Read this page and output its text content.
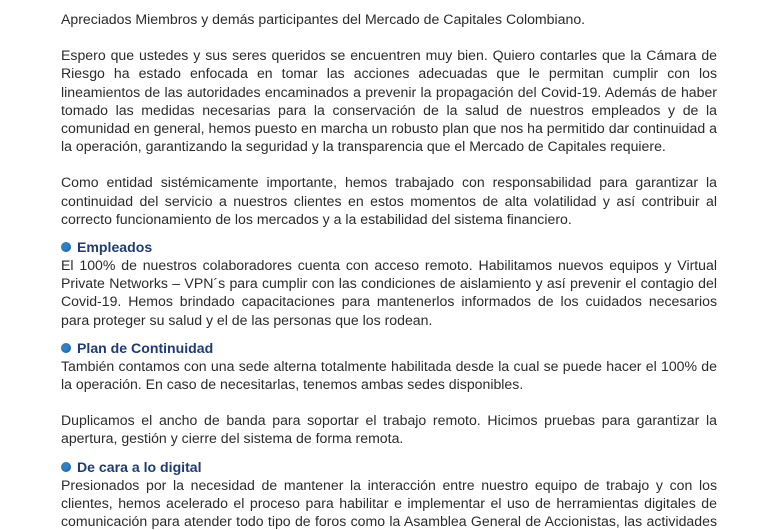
Apreciados Miembros y demás participantes del Mercado de Capitales Colombiano.

Espero que ustedes y sus seres queridos se encuentren muy bien. Quiero contarles que la Cámara de Riesgo ha estado enfocada en tomar las acciones adecuadas que le permitan cumplir con los lineamientos de las autoridades encaminados a prevenir la propagación del Covid-19. Además de haber tomado las medidas necesarias para la conservación de la salud de nuestros empleados y de la comunidad en general, hemos puesto en marcha un robusto plan que nos ha permitido dar continuidad a la operación, garantizando la seguridad y la transparencia que el Mercado de Capitales requiere.

Como entidad sistémicamente importante, hemos trabajado con responsabilidad para garantizar la continuidad del servicio a nuestros clientes en estos momentos de alta volatilidad y así contribuir al correcto funcionamiento de los mercados y a la estabilidad del sistema financiero.

Empleados

El 100% de nuestros colaboradores cuenta con acceso remoto. Habilitamos nuevos equipos y Virtual Private Networks – VPN´s para cumplir con las condiciones de aislamiento y así prevenir el contagio del Covid-19. Hemos brindado capacitaciones para mantenerlos informados de los cuidados necesarios para proteger su salud y el de las personas que los rodean.

Plan de Continuidad

También contamos con una sede alterna totalmente habilitada desde la cual se puede hacer el 100% de la operación. En caso de necesitarlas, tenemos ambas sedes disponibles.

Duplicamos el ancho de banda para soportar el trabajo remoto. Hicimos pruebas para garantizar la apertura, gestión y cierre del sistema de forma remota.

De cara a lo digital

Presionados por la necesidad de mantener la interacción entre nuestro equipo de trabajo y con los clientes, hemos acelerado el proceso para habilitar e implementar el uso de herramientas digitales de comunicación para atender todo tipo de foros como la Asamblea General de Accionistas, las actividades
